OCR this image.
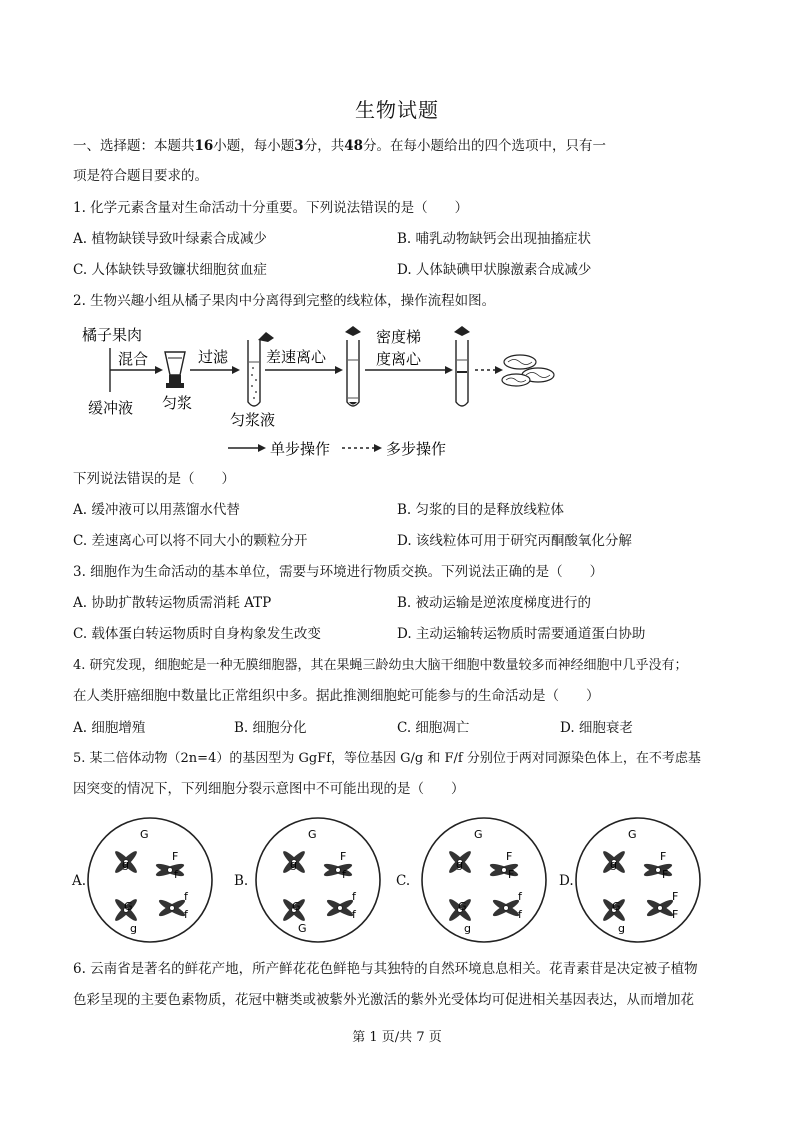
生物试题
一、选择题：本题共16小题，每小题3分，共48分。在每小题给出的四个选项中，只有一
项是符合题目要求的。
1. 化学元素含量对生命活动十分重要。下列说法错误的是（　　）
A. 植物缺镁导致叶绿素合成减少	B. 哺乳动物缺钙会出现抽搐症状
C. 人体缺铁导致镰状细胞贫血症	D. 人体缺碘甲状腺激素合成减少
2. 生物兴趣小组从橘子果肉中分离得到完整的线粒体，操作流程如图。
橘子果肉
混合
缓冲液 匀浆
过滤
匀浆液
差速离心
密度梯
度离心
单步操作	多步操作
下列说法错误的是（　　）
A. 缓冲液可以用蒸馏水代替	B. 匀浆的目的是释放线粒体
C. 差速离心可以将不同大小的颗粒分开	D. 该线粒体可用于研究丙酮酸氧化分解
3. 细胞作为生命活动的基本单位，需要与环境进行物质交换。下列说法正确的是（　　）
A. 协助扩散转运物质需消耗 ATP	B. 被动运输是逆浓度梯度进行的
C. 载体蛋白转运物质时自身构象发生改变	D. 主动运输转运物质时需要通道蛋白协助
4. 研究发现，细胞蛇是一种无膜细胞器，其在果蝇三龄幼虫大脑干细胞中数量较多而神经细胞中几乎没有；
在人类肝癌细胞中数量比正常组织中多。据此推测细胞蛇可能参与的生命活动是（　　）
A. 细胞增殖	B. 细胞分化	C. 细胞凋亡	D. 细胞衰老
5. 某二倍体动物（2n=4）的基因型为 GgFf，等位基因 G/g 和 F/f 分别位于两对同源染色体上，在不考虑基
因突变的情况下，下列细胞分裂示意图中不可能出现的是（　　）
A.
G
g
F
f
G
g
f
f
B.
G
g
F
f
G
G
f
f
C.
G
g
F
F
G
g
f
f
D.
G
g
F
F
G
g
F
F
6. 云南省是著名的鲜花产地，所产鲜花花色鲜艳与其独特的自然环境息息相关。花青素苷是决定被子植物
色彩呈现的主要色素物质，花冠中糖类或被紫外光激活的紫外光受体均可促进相关基因表达，从而增加花
第 1 页/共 7 页
